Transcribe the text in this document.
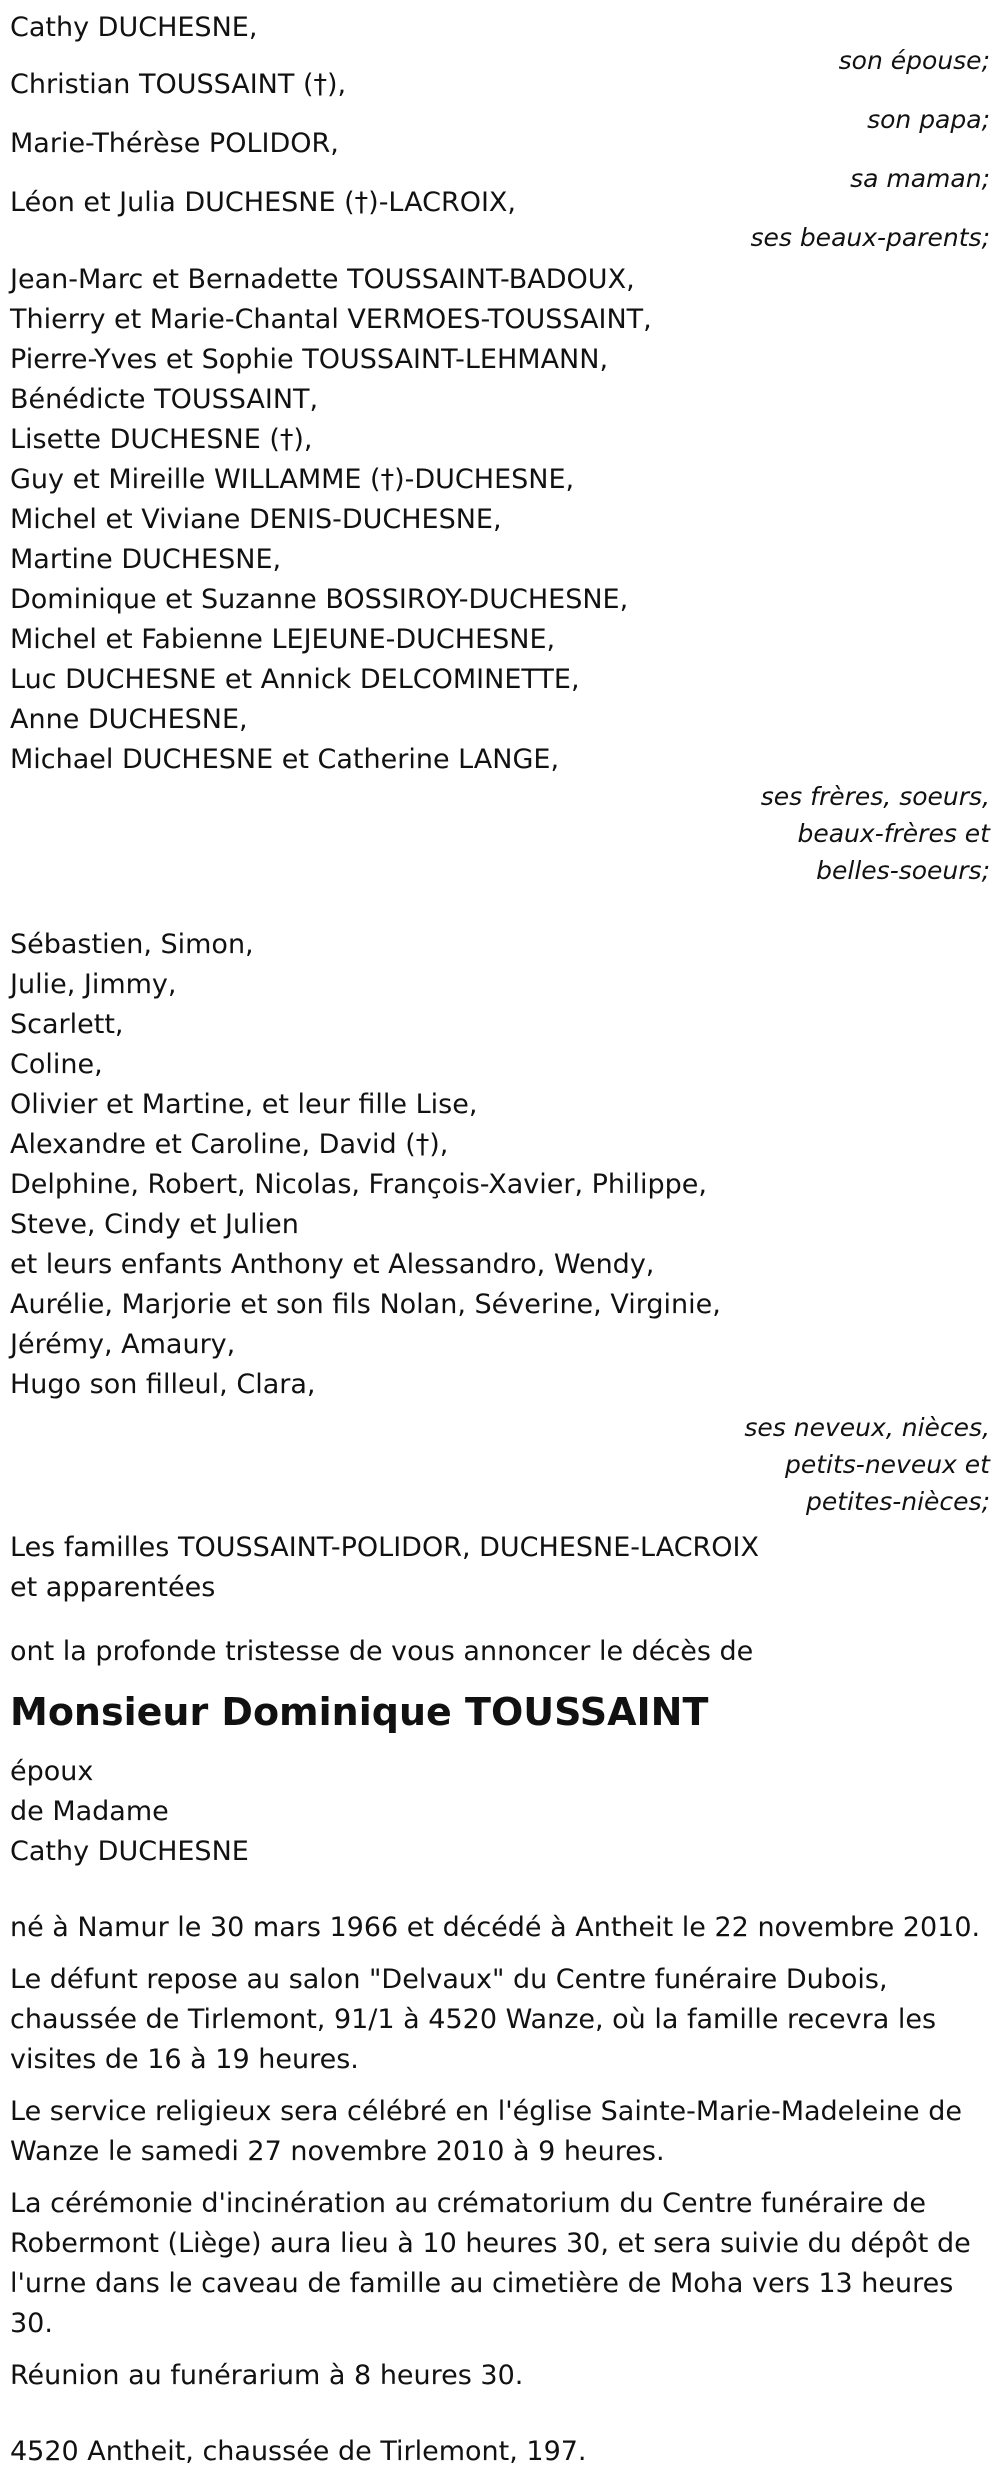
Cathy DUCHESNE,
son épouse;
Christian TOUSSAINT (†),
son papa;
Marie-Thérèse POLIDOR,
sa maman;
Léon et Julia DUCHESNE (†)-LACROIX,
ses beaux-parents;
Jean-Marc et Bernadette TOUSSAINT-BADOUX,
Thierry et Marie-Chantal VERMOES-TOUSSAINT,
Pierre-Yves et Sophie TOUSSAINT-LEHMANN,
Bénédicte TOUSSAINT,
Lisette DUCHESNE (†),
Guy et Mireille WILLAMME (†)-DUCHESNE,
Michel et Viviane DENIS-DUCHESNE,
Martine DUCHESNE,
Dominique et Suzanne BOSSIROY-DUCHESNE,
Michel et Fabienne LEJEUNE-DUCHESNE,
Luc DUCHESNE et Annick DELCOMINETTE,
Anne DUCHESNE,
Michael DUCHESNE et Catherine LANGE,
ses frères, soeurs,
beaux-frères et
belles-soeurs;
Sébastien, Simon,
Julie, Jimmy,
Scarlett,
Coline,
Olivier et Martine, et leur fille Lise,
Alexandre et Caroline, David (†),
Delphine, Robert, Nicolas, François-Xavier, Philippe,
Steve, Cindy et Julien
et leurs enfants Anthony et Alessandro, Wendy,
Aurélie, Marjorie et son fils Nolan, Séverine, Virginie,
Jérémy, Amaury,
Hugo son filleul, Clara,
ses neveux, nièces,
petits-neveux et
petites-nièces;
Les familles TOUSSAINT-POLIDOR, DUCHESNE-LACROIX
et apparentées
ont la profonde tristesse de vous annoncer le décès de
Monsieur Dominique TOUSSAINT
époux
de Madame
Cathy DUCHESNE

né à Namur le 30 mars 1966 et décédé à Antheit le 22 novembre 2010.

Le défunt repose au salon "Delvaux" du Centre funéraire Dubois, chaussée de Tirlemont, 91/1 à 4520 Wanze, où la famille recevra les visites de 16 à 19 heures.

Le service religieux sera célébré en l'église Sainte-Marie-Madeleine de Wanze le samedi 27 novembre 2010 à 9 heures.

La cérémonie d'incinération au crématorium du Centre funéraire de Robermont (Liège) aura lieu à 10 heures 30, et sera suivie du dépôt de l'urne dans le caveau de famille au cimetière de Moha vers 13 heures 30.

Réunion au funérarium à 8 heures 30.

4520 Antheit, chaussée de Tirlemont, 197.
